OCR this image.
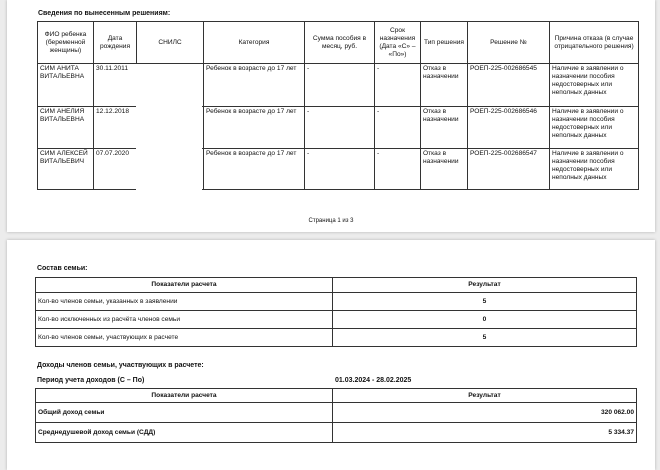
Сведения по вынесенным решениям:
ФИО ребенка (беременной женщины)	Дата рождения	СНИЛС	Категория	Сумма пособия в месяц, руб.	Срок назначения (Дата «С» – «По»)	Тип решения	Решение №	Причина отказа (в случае отрицательного решения)
СИМ АНИТА ВИТАЛЬЕВНА	30.11.2011		Ребенок в возрасте до 17 лет	-	-	Отказ в назначении	РОЕП-225-002686545	Наличие в заявлении о назначении пособия недостоверных или неполных данных
СИМ АНЕЛИЯ ВИТАЛЬЕВНА	12.12.2018		Ребенок в возрасте до 17 лет	-	-	Отказ в назначении	РОЕП-225-002686546	Наличие в заявлении о назначении пособия недостоверных или неполных данных
СИМ АЛЕКСЕЙ ВИТАЛЬЕВИЧ	07.07.2020		Ребенок в возрасте до 17 лет	-	-	Отказ в назначении	РОЕП-225-002686547	Наличие в заявлении о назначении пособия недостоверных или неполных данных
Страница 1 из 3
Состав семьи:
Показатели расчета	Результат
Кол-во членов семьи, указанных в заявлении	5
Кол-во исключенных из расчёта членов семьи	0
Кол-во членов семьи, участвующих в расчете	5
Доходы членов семьи, участвующих в расчете:
Период учета доходов (С – По)	01.03.2024 - 28.02.2025
Показатели расчета	Результат
Общий доход семьи	320 062.00
Среднедушевой доход семьи (СДД)	5 334.37
